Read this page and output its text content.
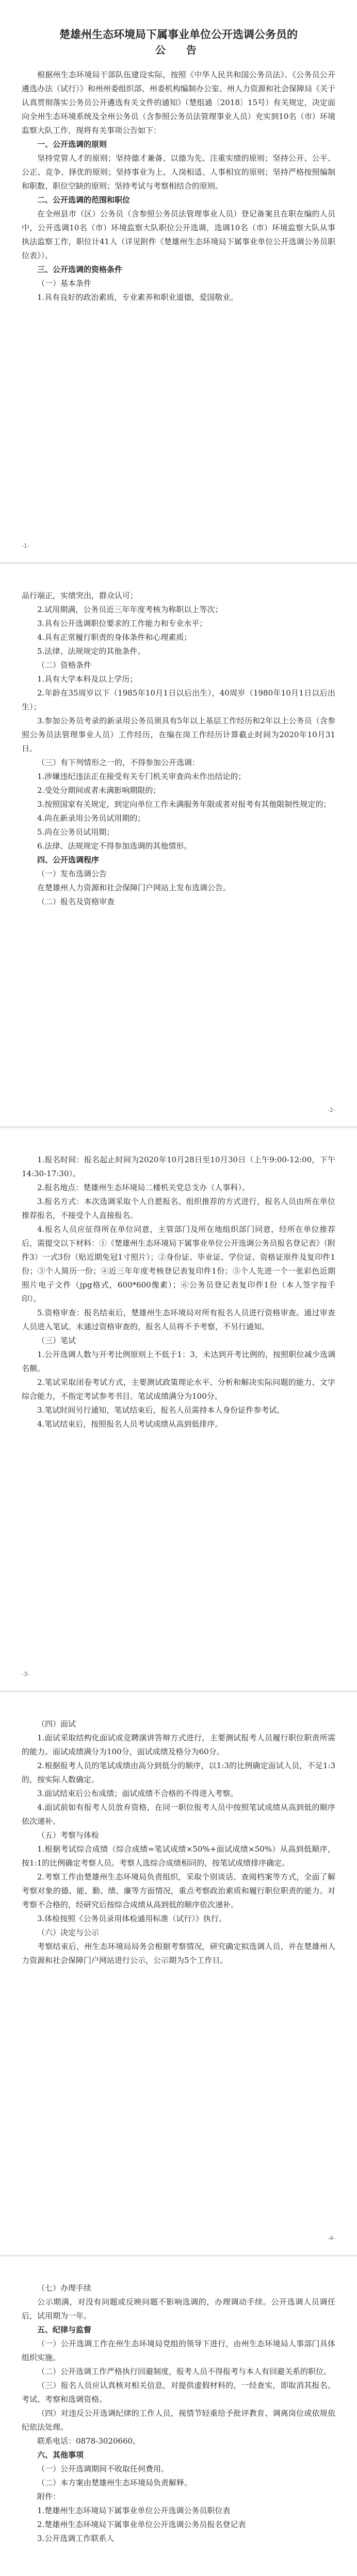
楚雄州生态环境局下属事业单位公开选调公务员的
公　告

根据州生态环境局干部队伍建设实际，按照《中华人民共和国公务员法》、《公务员公开遴选办法（试行）》和州州委组织部、州委机构编制办公室、州人力资源和社会保障局《关于认真贯彻落实公务员公开遴选有关文件的通知》（楚组通〔2018〕15号）有关规定，决定面向全州生态环境系统及全州公务员（含参照公务员法管理事业人员）充实到10名（市）环境监察大队工作，现将有关事项公告如下：

一、公开选调的原则

坚持党管人才的原则；坚持德才兼备、以德为先、注重实绩的原则；坚持公开、公平、公正、竞争、择优的原则；坚持事业为上、人岗相适、人事相宜的原则；坚持严格按照编制和职数、职位空缺的原则；坚持考试与考察相结合的原则。

二、公开选调的范围和职位

在全州县市（区）公务员（含参照公务员法管理事业人员）登记备案且在职在编的人员中，公开选调10名（市）环境监察大队职位公开选调，选调10名（市）环境监察大队从事执法监察工作，职位计41人（详见附件《楚雄州生态环境局下属事业单位公开选调公务员职位表》）。

三、公开选调的资格条件

（一）基本条件

1.具有良好的政治素质，专业素养和职业道德，爱国敬业。

-1-

品行端正，实绩突出，群众认可；

2.试用期满，公务员近三年年度考核为称职以上等次；

3.具有公开选调职位要求的工作能力和专业水平；

4.具有正常履行职责的身体条件和心理素质；

5.法律、法规规定的其他条件。

（二）资格条件

1.具有大学本科及以上学历；

2.年龄在35周岁以下（1985年10月1日以后出生），40周岁（1980年10月1日以后出生）；

3.参加公务员考录的新录用公务员须具有5年以上基层工作经历和2年以上公务员（含参照公务员法管理事业人员）工作经历，在编在岗工作经历计算截止时间为2020年10月31日。

（三）有下列情形之一的，不得参加公开选调：

1.涉嫌违纪违法正在接受有关专门机关审查尚未作出结论的；

2.受处分期间或者未满影响期限的；

3.按照国家有关规定，到定向单位工作未满服务年限或者对报考有其他限制性规定的；

4.尚在新录用公务员试用期的；

5.尚在公务员试用期；

6.法律、法规规定不得参加选调的其他情形。

四、公开选调程序

（一）发布选调公告

在楚雄州人力资源和社会保障门户网站上发布选调公告。

（二）报名及资格审查

-2-

1.报名时间：报名起止时间为2020年10月28日至10月30日（上午9:00-12:00，下午14:30-17:30）。

2.报名地点：楚雄州生态环境局二楼机关党总支办（人事科）。

3.报名方式：本次选调采取个人自愿报名、组织推荐的方式进行，报名人员由所在单位推荐报名，不接受个人直接报名。

4.报名人员应征得所在单位同意，主管部门及所在地组织部门同意，经所在单位推荐后，需提交以下材料：①《楚雄州生态环境局下属事业单位公开选调公务员报名登记表》（附件3）一式3份（贴近期免冠1寸照片）；②身份证、毕业证、学位证、资格证原件及复印件1份；③个人简历一份；④近三年年度考核登记表复印件1份；⑤个人先进一个一张彩色近期照片电子文件（jpg格式，600*600像素）；⑥公务员登记表复印件1份（本人签字按手印）。

5.资格审查：报名结束后，楚雄州生态环境局对所有报名人员进行资格审查。通过审查人员进入笔试。未通过资格审查的，报名人员将不予考察，不另行通知。

（三）笔试

1.公开选调人数与开考比例原则上不低于1：3，未达到开考比例的，按照职位减少选调名额。

2.笔试采取闭卷考试方式，主要测试政策理论水平、分析和解决实际问题的能力、文字综合能力，不指定考试参考书目。笔试成绩满分为100分。

3.笔试时间另行通知，笔试结束后，报名人员需持本人身份证件参考试。

4.笔试结束后，按照报名人员考试成绩从高到低排序。

-3-

（四）面试

1.面试采取结构化面试或竞聘演讲答辩方式进行，主要测试报考人员履行职位职责所需的能力。面试成绩满分为100分，面试成绩及格分为60分。

2.根据报考人员的笔试成绩由高分到低分的顺序，以1:3的比例确定面试人员，不足1:3的，按实际人数确定。

3.面试结束后公布成绩；面试成绩不合格的不得进入考察。

4.面试前如有报考人员放弃资格，在同一职位报考人员中按照笔试成绩从高到低的顺序依次递补。

（五）考察与体检

1.根据考试综合成绩（综合成绩=笔试成绩×50%+面试成绩×50%）从高到低顺序，按1:1的比例确定考察人员。考察人选综合成绩相同的，按笔试成绩排序确定。

2.考察工作由楚雄州生态环境局负责组织，采取个别谈话、查阅档案等方式，全面了解考察对象的德、能、勤、绩、廉等方面情况，重点考察政治素质和履行职位职责的能力。对考察不合格的，经研究后按综合成绩从高到低的顺序依次递补。

3.体检按照《公务员录用体检通用标准（试行）》执行。

（六）决定与公示

考察结束后，州生态环境局局务会根据考察情况，研究确定拟选调人员，并在楚雄州人力资源和社会保障门户网站进行公示，公示期为5个工作日。

-4-

（七）办理手续

公示期满，对没有问题或反映问题不影响选调的，办理调动手续。公开选调人员调任后，试用期为一年。

五、纪律与监督

（一）公开选调工作在州生态环境局党组的领导下进行，由州生态环境局人事部门具体组织实施。

（二）公开选调工作严格执行回避制度，报考人员不得报考与本人有回避关系的职位。

（三）报名人员应认真核对相关信息，对提供虚假材料的，一经查实，即取消其报名、考试、考察和选调资格。

（四）对违反公开选调纪律的工作人员，视情节轻重给予批评教育、调离岗位或依规依纪依法处理。

联系电话：0878-3020660。

六、其他事项

（一）公开选调期间不收取任何费用。

（二）本方案由楚雄州生态环境局负责解释。

附件：

1.楚雄州生态环境局下属事业单位公开选调公务员职位表

2.楚雄州生态环境局下属事业单位公开选调公务员报名登记表

3.公开选调工作联系人
